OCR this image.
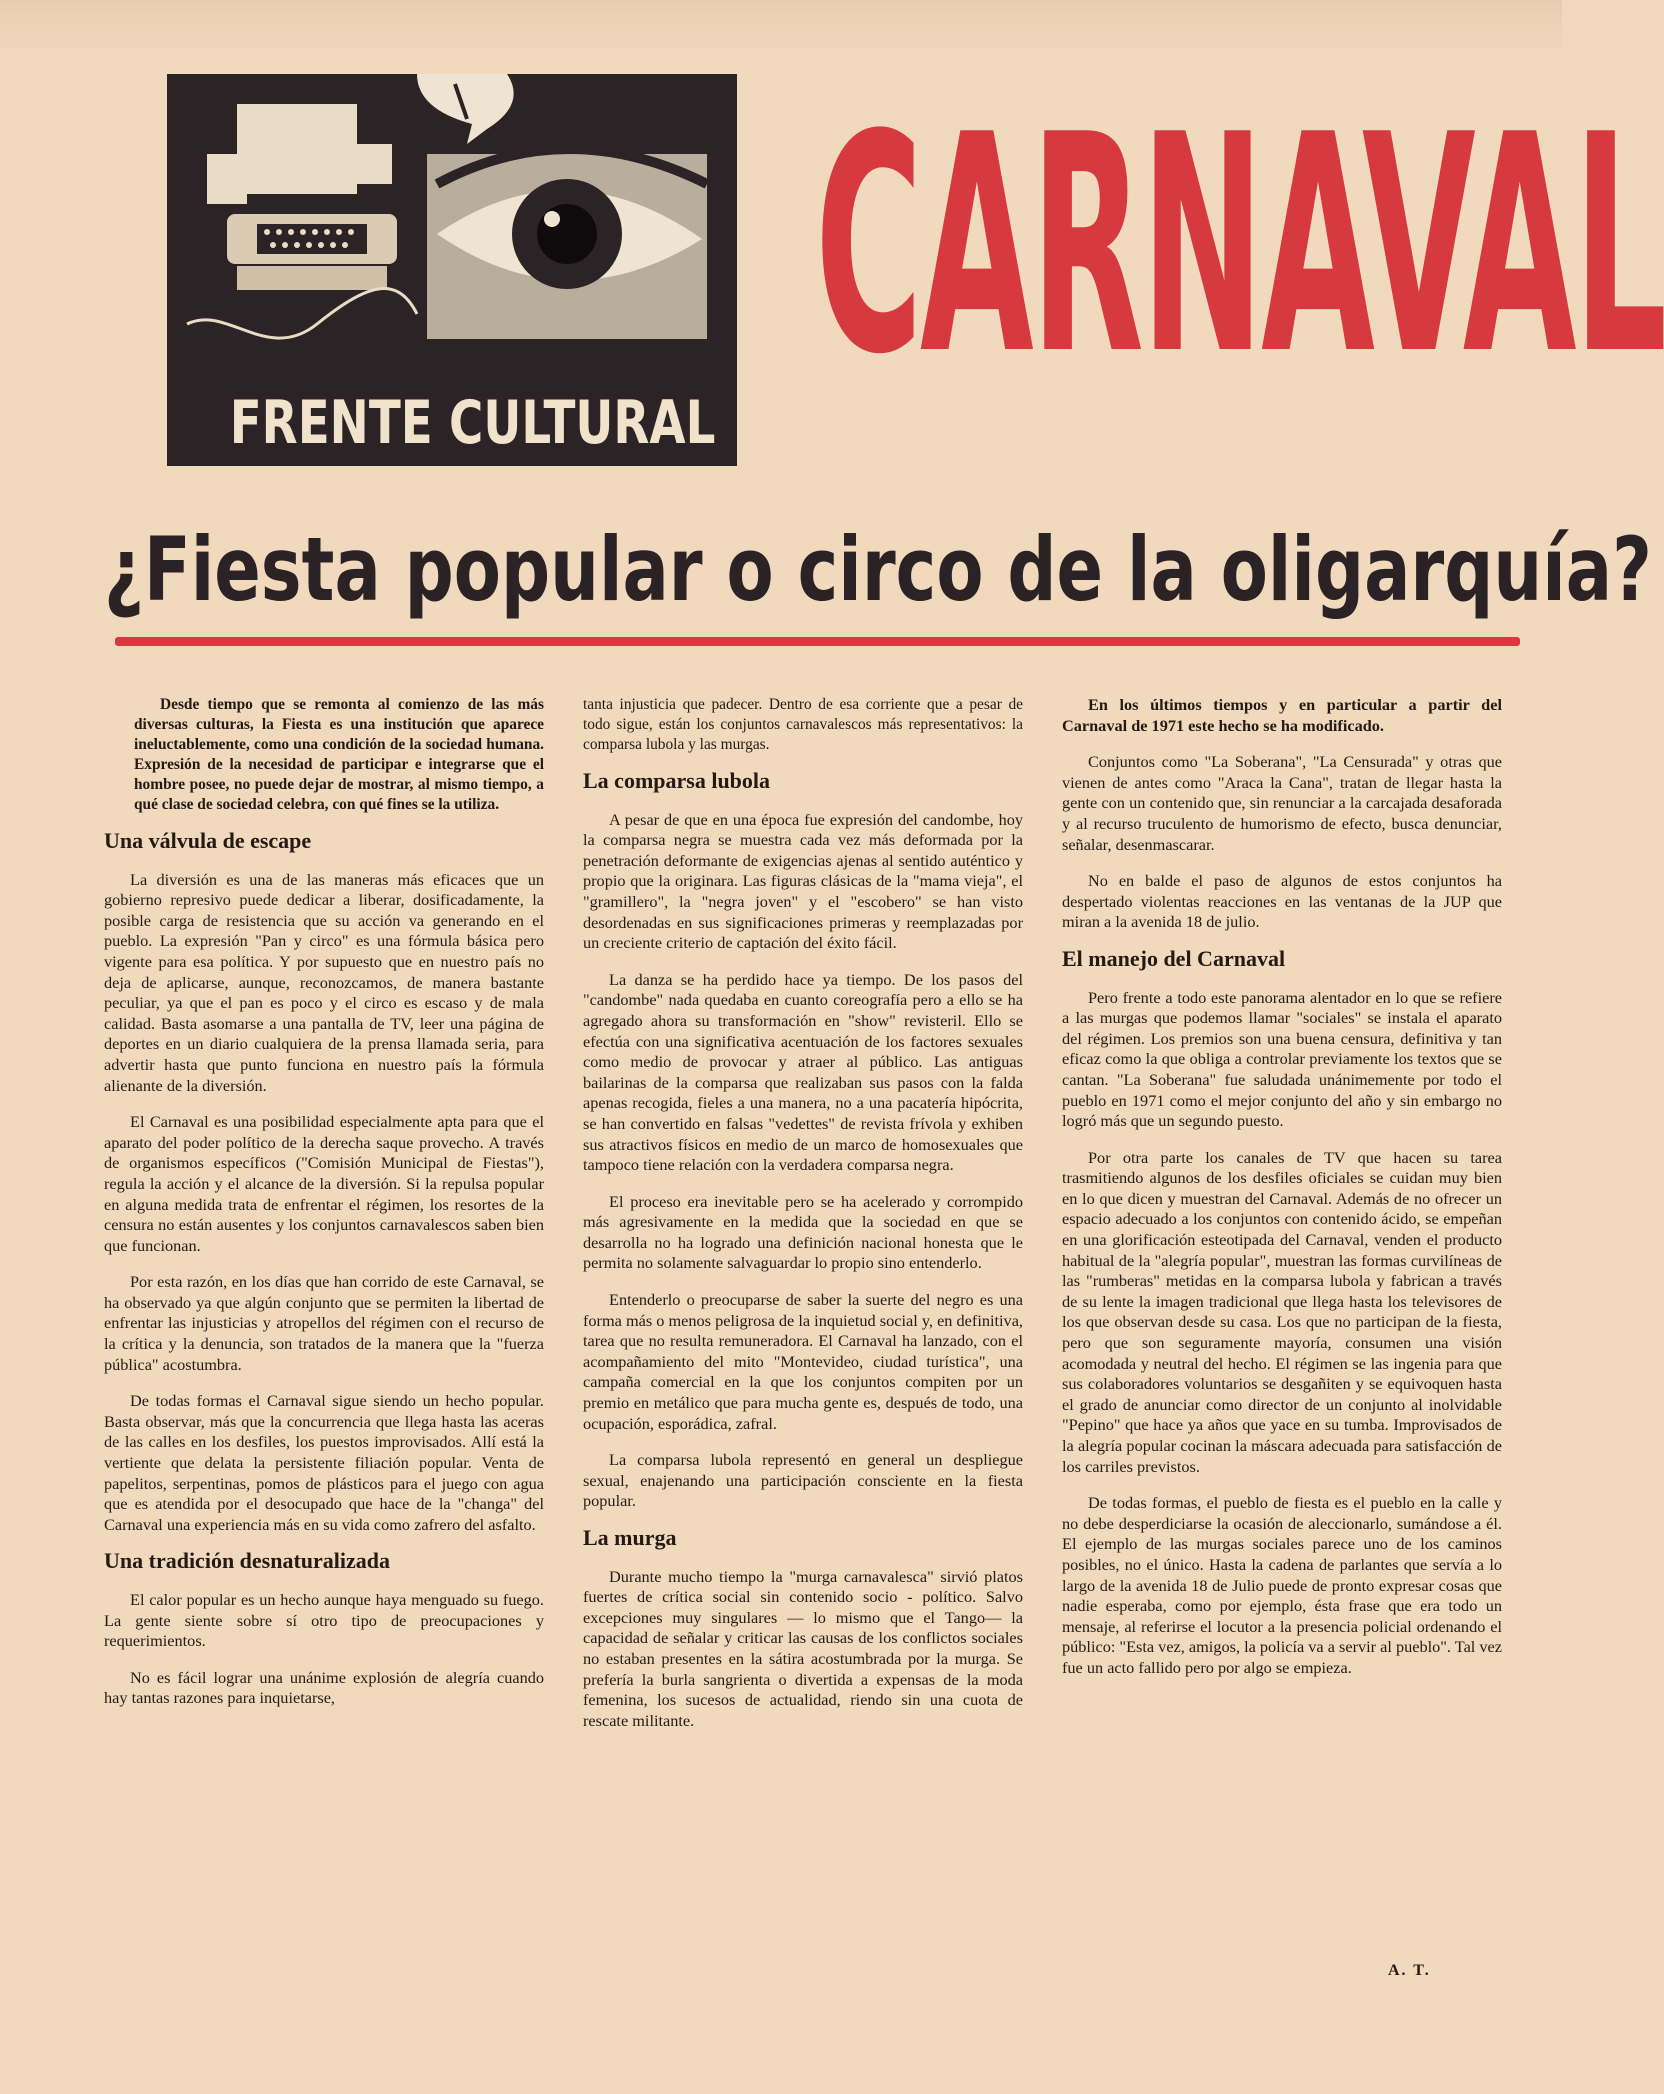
FRENTE CULTURAL
CARNAVAL
¿Fiesta popular o circo de la oligarquía?

Desde tiempo que se remonta al comienzo de las más diversas culturas, la Fiesta es una institución que aparece ineluctablemente, como una condición de la sociedad humana. Expresión de la necesidad de participar e integrarse que el hombre posee, no puede dejar de mostrar, al mismo tiempo, a qué clase de sociedad celebra, con qué fines se la utiliza.

Una válvula de escape

La diversión es una de las maneras más eficaces que un gobierno represivo puede dedicar a liberar, dosificadamente, la posible carga de resistencia que su acción va generando en el pueblo. La expresión "Pan y circo" es una fórmula básica pero vigente para esa política. Y por supuesto que en nuestro país no deja de aplicarse, aunque, reconozcamos, de manera bastante peculiar, ya que el pan es poco y el circo es escaso y de mala calidad. Basta asomarse a una pantalla de TV, leer una página de deportes en un diario cualquiera de la prensa llamada seria, para advertir hasta que punto funciona en nuestro país la fórmula alienante de la diversión.

El Carnaval es una posibilidad especialmente apta para que el aparato del poder político de la derecha saque provecho. A través de organismos específicos ("Comisión Municipal de Fiestas"), regula la acción y el alcance de la diversión. Si la repulsa popular en alguna medida trata de enfrentar el régimen, los resortes de la censura no están ausentes y los conjuntos carnavalescos saben bien que funcionan.

Por esta razón, en los días que han corrido de este Carnaval, se ha observado ya que algún conjunto que se permiten la libertad de enfrentar las injusticias y atropellos del régimen con el recurso de la crítica y la denuncia, son tratados de la manera que la "fuerza pública" acostumbra.

De todas formas el Carnaval sigue siendo un hecho popular. Basta observar, más que la concurrencia que llega hasta las aceras de las calles en los desfiles, los puestos improvisados. Allí está la vertiente que delata la persistente filiación popular. Venta de papelitos, serpentinas, pomos de plásticos para el juego con agua que es atendida por el desocupado que hace de la "changa" del Carnaval una experiencia más en su vida como zafrero del asfalto.

Una tradición desnaturalizada

El calor popular es un hecho aunque haya menguado su fuego. La gente siente sobre sí otro tipo de preocupaciones y requerimientos.

No es fácil lograr una unánime explosión de alegría cuando hay tantas razones para inquietarse,

tanta injusticia que padecer. Dentro de esa corriente que a pesar de todo sigue, están los conjuntos carnavalescos más representativos: la comparsa lubola y las murgas.

La comparsa lubola

A pesar de que en una época fue expresión del candombe, hoy la comparsa negra se muestra cada vez más deformada por la penetración deformante de exigencias ajenas al sentido auténtico y propio que la originara. Las figuras clásicas de la "mama vieja", el "gramillero", la "negra joven" y el "escobero" se han visto desordenadas en sus significaciones primeras y reemplazadas por un creciente criterio de captación del éxito fácil.

La danza se ha perdido hace ya tiempo. De los pasos del "candombe" nada quedaba en cuanto coreografía pero a ello se ha agregado ahora su transformación en "show" revisteril. Ello se efectúa con una significativa acentuación de los factores sexuales como medio de provocar y atraer al público. Las antiguas bailarinas de la comparsa que realizaban sus pasos con la falda apenas recogida, fieles a una manera, no a una pacatería hipócrita, se han convertido en falsas "vedettes" de revista frívola y exhiben sus atractivos físicos en medio de un marco de homosexuales que tampoco tiene relación con la verdadera comparsa negra.

El proceso era inevitable pero se ha acelerado y corrompido más agresivamente en la medida que la sociedad en que se desarrolla no ha logrado una definición nacional honesta que le permita no solamente salvaguardar lo propio sino entenderlo.

Entenderlo o preocuparse de saber la suerte del negro es una forma más o menos peligrosa de la inquietud social y, en definitiva, tarea que no resulta remuneradora. El Carnaval ha lanzado, con el acompañamiento del mito "Montevideo, ciudad turística", una campaña comercial en la que los conjuntos compiten por un premio en metálico que para mucha gente es, después de todo, una ocupación, esporádica, zafral.

La comparsa lubola representó en general un despliegue sexual, enajenando una participación consciente en la fiesta popular.

La murga

Durante mucho tiempo la "murga carnavalesca" sirvió platos fuertes de crítica social sin contenido socio - político. Salvo excepciones muy singulares — lo mismo que el Tango— la capacidad de señalar y criticar las causas de los conflictos sociales no estaban presentes en la sátira acostumbrada por la murga. Se prefería la burla sangrienta o divertida a expensas de la moda femenina, los sucesos de actualidad, riendo sin una cuota de rescate militante.

En los últimos tiempos y en particular a partir del Carnaval de 1971 este hecho se ha modificado.

Conjuntos como "La Soberana", "La Censurada" y otras que vienen de antes como "Araca la Cana", tratan de llegar hasta la gente con un contenido que, sin renunciar a la carcajada desaforada y al recurso truculento de humorismo de efecto, busca denunciar, señalar, desenmascarar.

No en balde el paso de algunos de estos conjuntos ha despertado violentas reacciones en las ventanas de la JUP que miran a la avenida 18 de julio.

El manejo del Carnaval

Pero frente a todo este panorama alentador en lo que se refiere a las murgas que podemos llamar "sociales" se instala el aparato del régimen. Los premios son una buena censura, definitiva y tan eficaz como la que obliga a controlar previamente los textos que se cantan. "La Soberana" fue saludada unánimemente por todo el pueblo en 1971 como el mejor conjunto del año y sin embargo no logró más que un segundo puesto.

Por otra parte los canales de TV que hacen su tarea trasmitiendo algunos de los desfiles oficiales se cuidan muy bien en lo que dicen y muestran del Carnaval. Además de no ofrecer un espacio adecuado a los conjuntos con contenido ácido, se empeñan en una glorificación esteotipada del Carnaval, venden el producto habitual de la "alegría popular", muestran las formas curvilíneas de las "rumberas" metidas en la comparsa lubola y fabrican a través de su lente la imagen tradicional que llega hasta los televisores de los que observan desde su casa. Los que no participan de la fiesta, pero que son seguramente mayoría, consumen una visión acomodada y neutral del hecho. El régimen se las ingenia para que sus colaboradores voluntarios se desgañiten y se equivoquen hasta el grado de anunciar como director de un conjunto al inolvidable "Pepino" que hace ya años que yace en su tumba. Improvisados de la alegría popular cocinan la máscara adecuada para satisfacción de los carriles previstos.

De todas formas, el pueblo de fiesta es el pueblo en la calle y no debe desperdiciarse la ocasión de aleccionarlo, sumándose a él. El ejemplo de las murgas sociales parece uno de los caminos posibles, no el único. Hasta la cadena de parlantes que servía a lo largo de la avenida 18 de Julio puede de pronto expresar cosas que nadie esperaba, como por ejemplo, ésta frase que era todo un mensaje, al referirse el locutor a la presencia policial ordenando el público: "Esta vez, amigos, la policía va a servir al pueblo". Tal vez fue un acto fallido pero por algo se empieza.

A. T.
